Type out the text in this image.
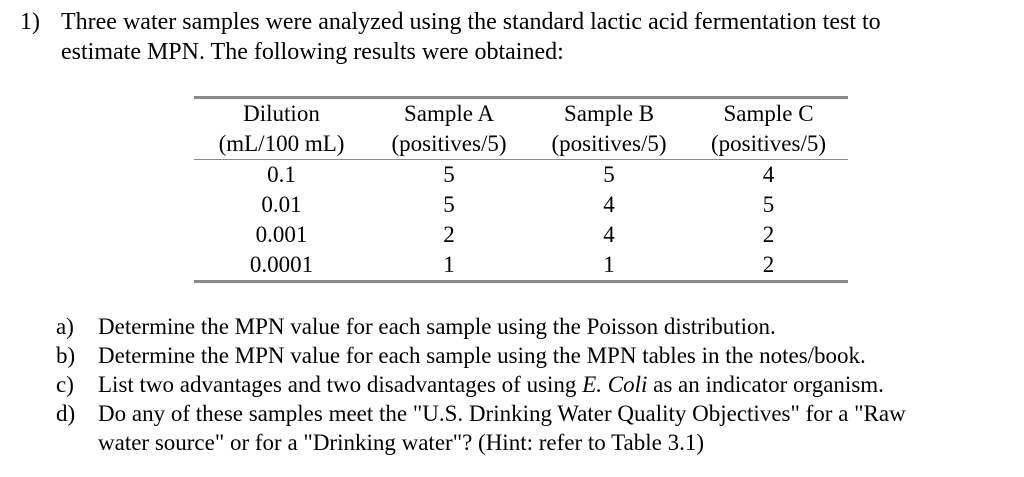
1) Three water samples were analyzed using the standard lactic acid fermentation test to
estimate MPN. The following results were obtained:
Dilution	Sample A	Sample B	Sample C
(mL/100 mL)	(positives/5)	(positives/5)	(positives/5)
0.1	5	5	4
0.01	5	4	5
0.001	2	4	2
0.0001	1	1	2
a) Determine the MPN value for each sample using the Poisson distribution.
b) Determine the MPN value for each sample using the MPN tables in the notes/book.
c) List two advantages and two disadvantages of using E. Coli as an indicator organism.
d) Do any of these samples meet the "U.S. Drinking Water Quality Objectives" for a "Raw
water source" or for a "Drinking water"? (Hint: refer to Table 3.1)
